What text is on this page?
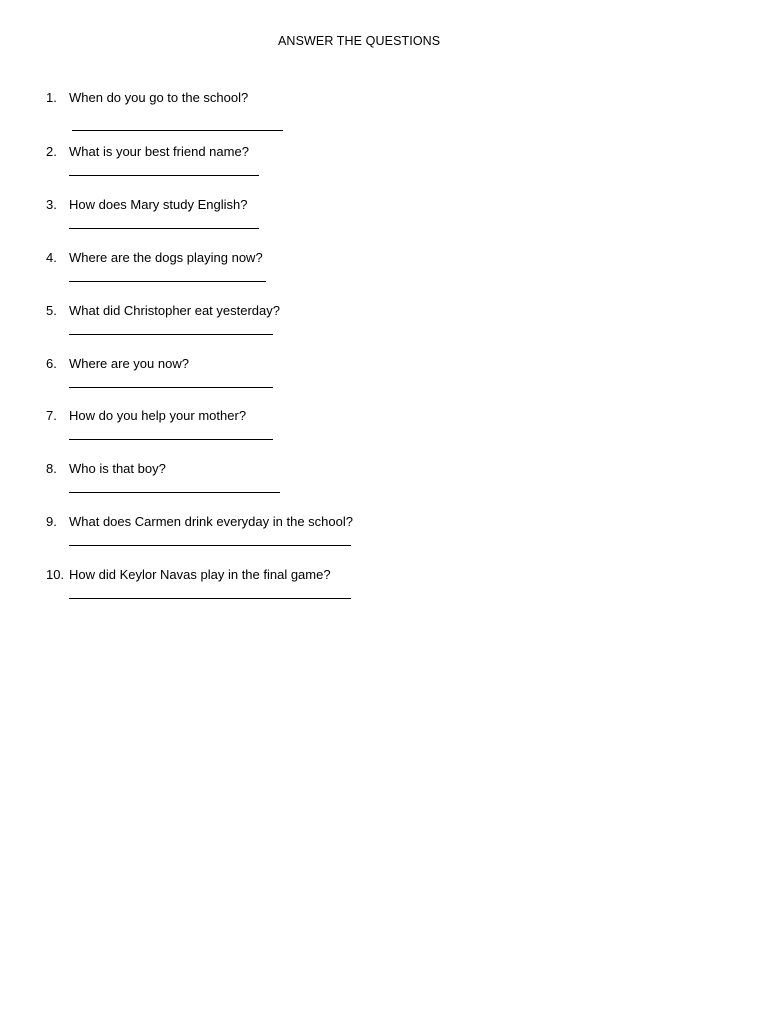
ANSWER THE QUESTIONS
1. When do you go to the school?
2. What is your best friend name?
3. How does Mary study English?
4. Where are the dogs playing now?
5. What did Christopher eat yesterday?
6. Where are you now?
7. How do you help your mother?
8. Who is that boy?
9. What does Carmen drink everyday in the school?
10. How did Keylor Navas play in the final game?
